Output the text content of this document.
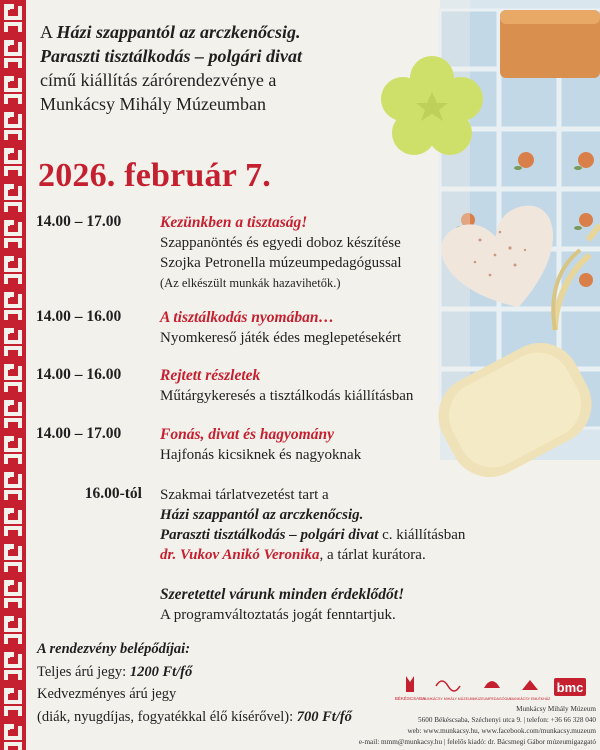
A Házi szappantól az arczkenőcsig.
Paraszti tisztálkodás – polgári divat
című kiállítás zárórendezvénye a
Munkácsy Mihály Múzeumban
2026. február 7.
14.00 – 17.00	Kezünkben a tisztaság!
Szappanöntés és egyedi doboz készítése
Szojka Petronella múzeumpedagógussal
(Az elkészült munkák hazavihetők.)
14.00 – 16.00	A tisztálkodás nyomában…
Nyomkereső játék édes meglepetésekért
14.00 – 16.00	Rejtett részletek
Műtárgykeresés a tisztálkodás kiállításban
14.00 – 17.00	Fonás, divat és hagyomány
Hajfonás kicsiknek és nagyoknak
16.00-tól Szakmai tárlatvezetést tart a
Házi szappantól az arczkenőcsig.
Paraszti tisztálkodás – polgári divat c. kiállításban
dr. Vukov Anikó Veronika, a tárlat kurátora.
Szeretettel várunk minden érdeklődőt!
A programváltoztatás jogát fenntartjuk.
A rendezvény belépődíjai:
Teljes árú jegy: 1200 Ft/fő
Kedvezményes árú jegy
(diák, nyugdíjas, fogyatékkal élő kísérővel): 700 Ft/fő
BÉKÉSCSABA
MUNKÁCSY MIHÁLY MÚZEUM MÚZEUMPEDAGÓGIA
MUNKÁCSY EMLÉKHÁZ
bmc
Munkácsy Mihály Múzeum
5600 Békéscsaba, Széchenyi utca 9. | telefon: +36 66 328 040
web: www.munkacsy.hu, www.facebook.com/munkacsy.muzeum
e-mail: mmm@munkacsy.hu | felelős kiadó: dr. Bácsmegi Gábor múzeumigazgató
